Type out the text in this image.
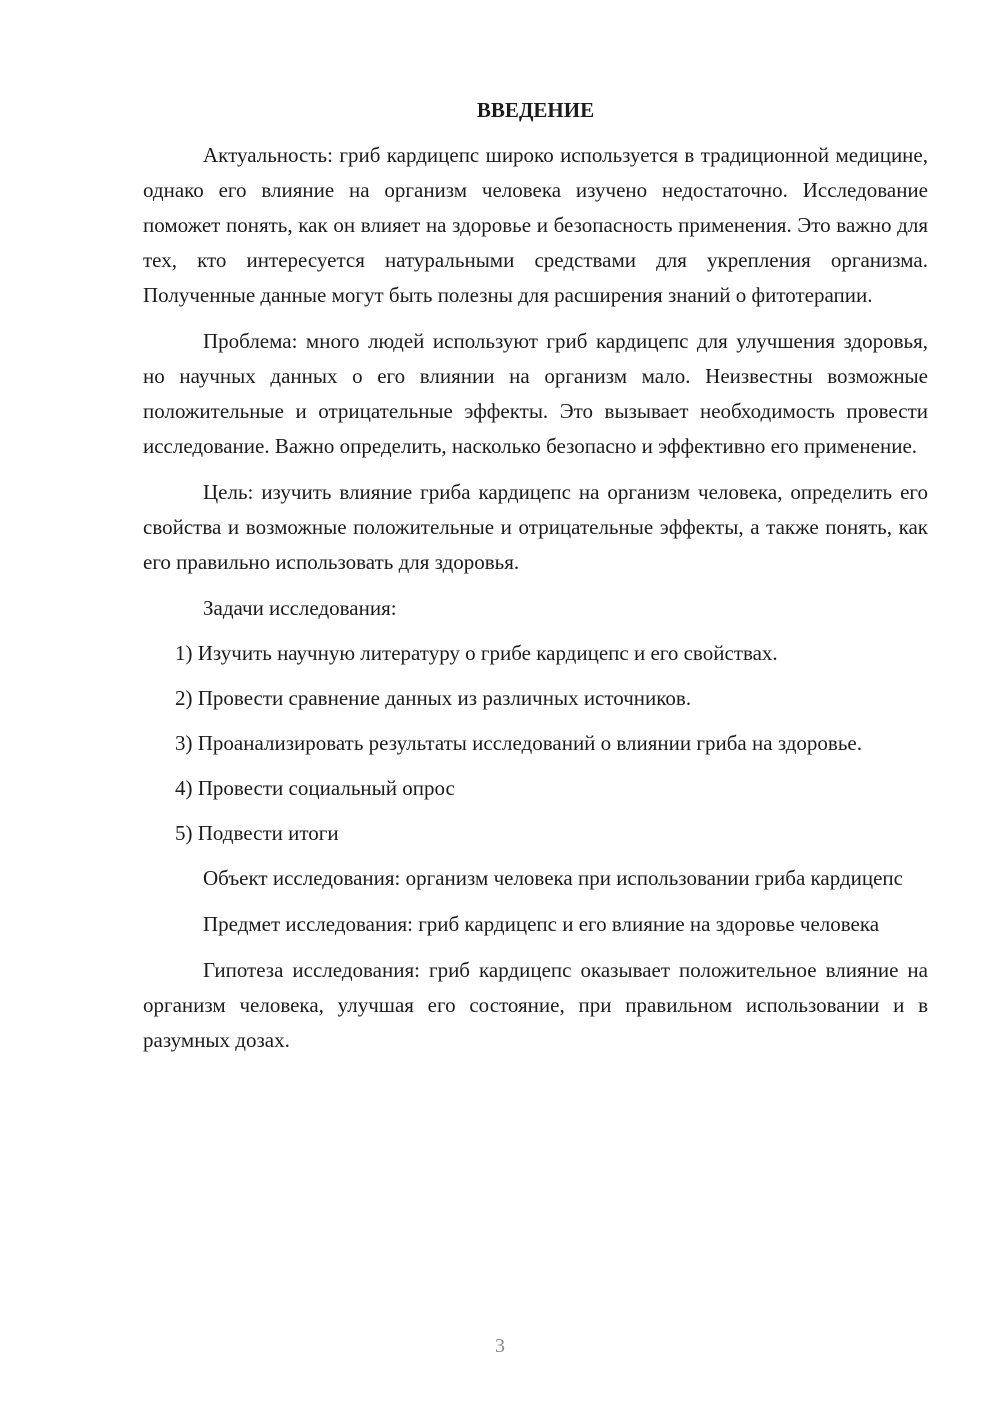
ВВЕДЕНИЕ

Актуальность: гриб кардицепс широко используется в традиционной медицине, однако его влияние на организм человека изучено недостаточно. Исследование поможет понять, как он влияет на здоровье и безопасность применения. Это важно для тех, кто интересуется натуральными средствами для укрепления организма. Полученные данные могут быть полезны для расширения знаний о фитотерапии.

Проблема: много людей используют гриб кардицепс для улучшения здоровья, но научных данных о его влиянии на организм мало. Неизвестны возможные положительные и отрицательные эффекты. Это вызывает необходимость провести исследование. Важно определить, насколько безопасно и эффективно его применение.

Цель: изучить влияние гриба кардицепс на организм человека, определить его свойства и возможные положительные и отрицательные эффекты, а также понять, как его правильно использовать для здоровья.

Задачи исследования:

1) Изучить научную литературу о грибе кардицепс и его свойствах.

2) Провести сравнение данных из различных источников.

3) Проанализировать результаты исследований о влиянии гриба на здоровье.

4) Провести социальный опрос

5) Подвести итоги

Объект исследования: организм человека при использовании гриба кардицепс

Предмет исследования: гриб кардицепс и его влияние на здоровье человека

Гипотеза исследования: гриб кардицепс оказывает положительное влияние на организм человека, улучшая его состояние, при правильном использовании и в разумных дозах.

3
